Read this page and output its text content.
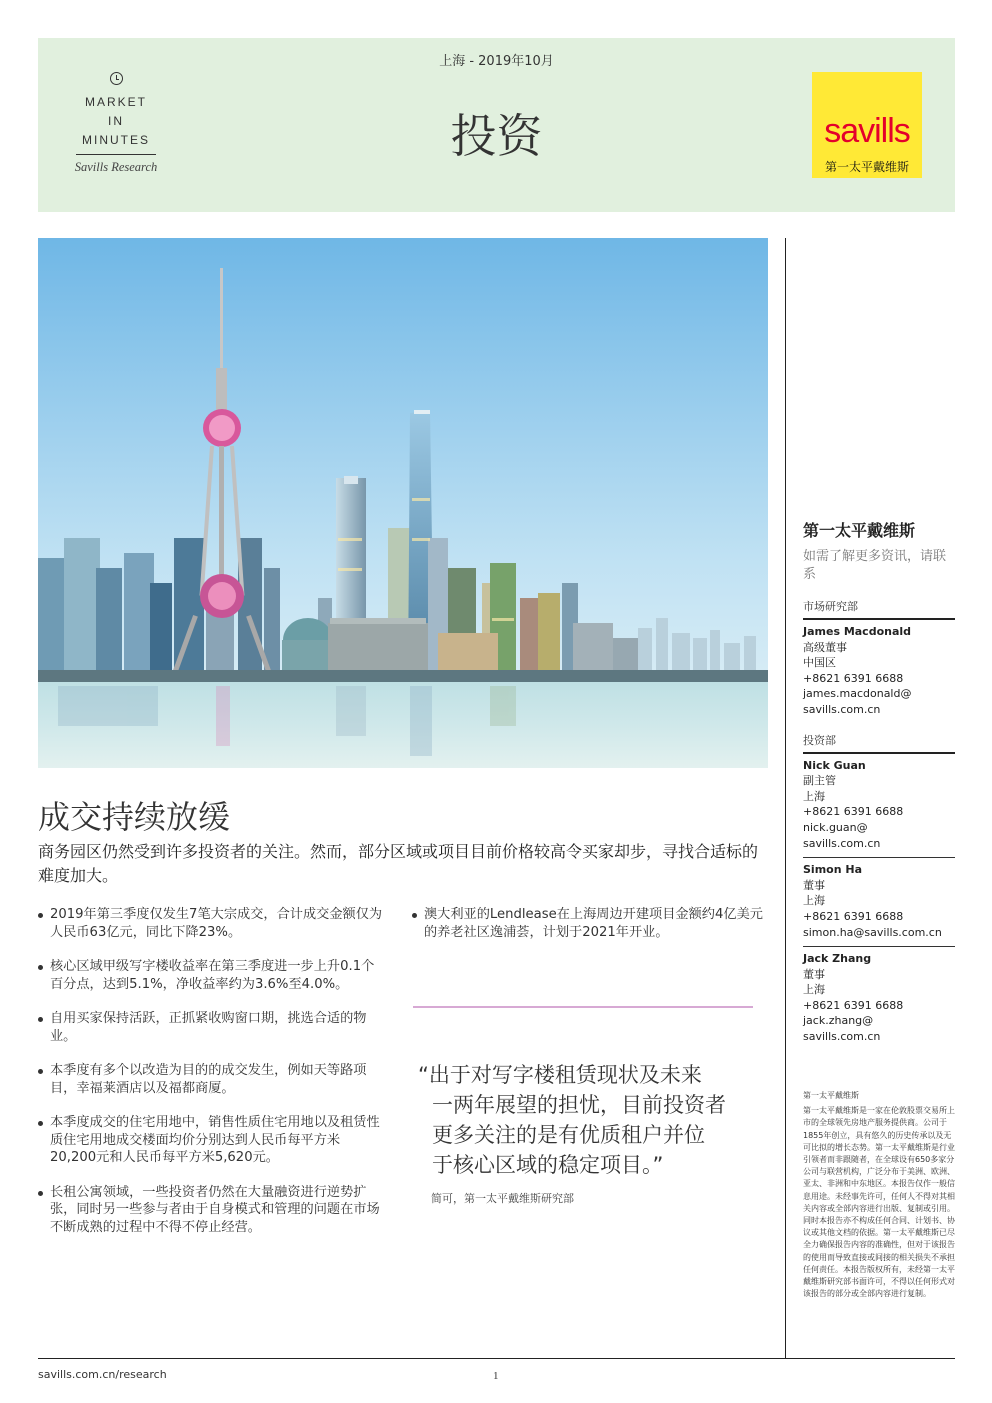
上海 - 2019年10月
投资
MARKET
IN
MINUTES
Savills Research
savills
第一太平戴维斯
成交持续放缓
商务园区仍然受到许多投资者的关注。然而，部分区域或项目目前价格较高令买家却步，寻找合适标的难度加大。
2019年第三季度仅发生7笔大宗成交，合计成交金额仅为人民币63亿元，同比下降23%。
核心区域甲级写字楼收益率在第三季度进一步上升0.1个百分点，达到5.1%，净收益率约为3.6%至4.0%。
自用买家保持活跃，正抓紧收购窗口期，挑选合适的物业。
本季度有多个以改造为目的的成交发生，例如天等路项目，幸福莱酒店以及福都商厦。
本季度成交的住宅用地中，销售性质住宅用地以及租赁性质住宅用地成交楼面均价分别达到人民币每平方米20,200元和人民币每平方米5,620元。
长租公寓领域，一些投资者仍然在大量融资进行逆势扩张，同时另一些参与者由于自身模式和管理的问题在市场不断成熟的过程中不得不停止经营。
澳大利亚的Lendlease在上海周边开建项目金额约4亿美元的养老社区逸浦荟，计划于2021年开业。
“出于对写字楼租赁现状及未来
一两年展望的担忧，目前投资者
更多关注的是有优质租户并位
于核心区域的稳定项目。”
简可，第一太平戴维斯研究部
第一太平戴维斯
如需了解更多资讯，请联系
市场研究部
James Macdonald
高级董事
中国区
+8621 6391 6688
james.macdonald@
savills.com.cn
投资部
Nick Guan
副主管
上海
+8621 6391 6688
nick.guan@
savills.com.cn
Simon Ha
董事
上海
+8621 6391 6688
simon.ha@savills.com.cn
Jack Zhang
董事
上海
+8621 6391 6688
jack.zhang@
savills.com.cn
第一太平戴维斯
第一太平戴维斯是一家在伦敦股票交易所上市的全球领先房地产服务提供商。公司于1855年创立，具有悠久的历史传承以及无可比拟的增长态势。第一太平戴维斯是行业引领者而非跟随者，在全球设有650多家分公司与联营机构，广泛分布于美洲、欧洲、亚太、非洲和中东地区。本报告仅作一般信息用途。未经事先许可，任何人不得对其相关内容或全部内容进行出版、复制或引用。同时本报告亦不构成任何合同、计划书、协议或其他文档的依据。第一太平戴维斯已尽全力确保报告内容的准确性，但对于该报告的使用而导致直接或间接的相关损失不承担任何责任。本报告版权所有，未经第一太平戴维斯研究部书面许可，不得以任何形式对该报告的部分或全部内容进行复制。
savills.com.cn/research	1
